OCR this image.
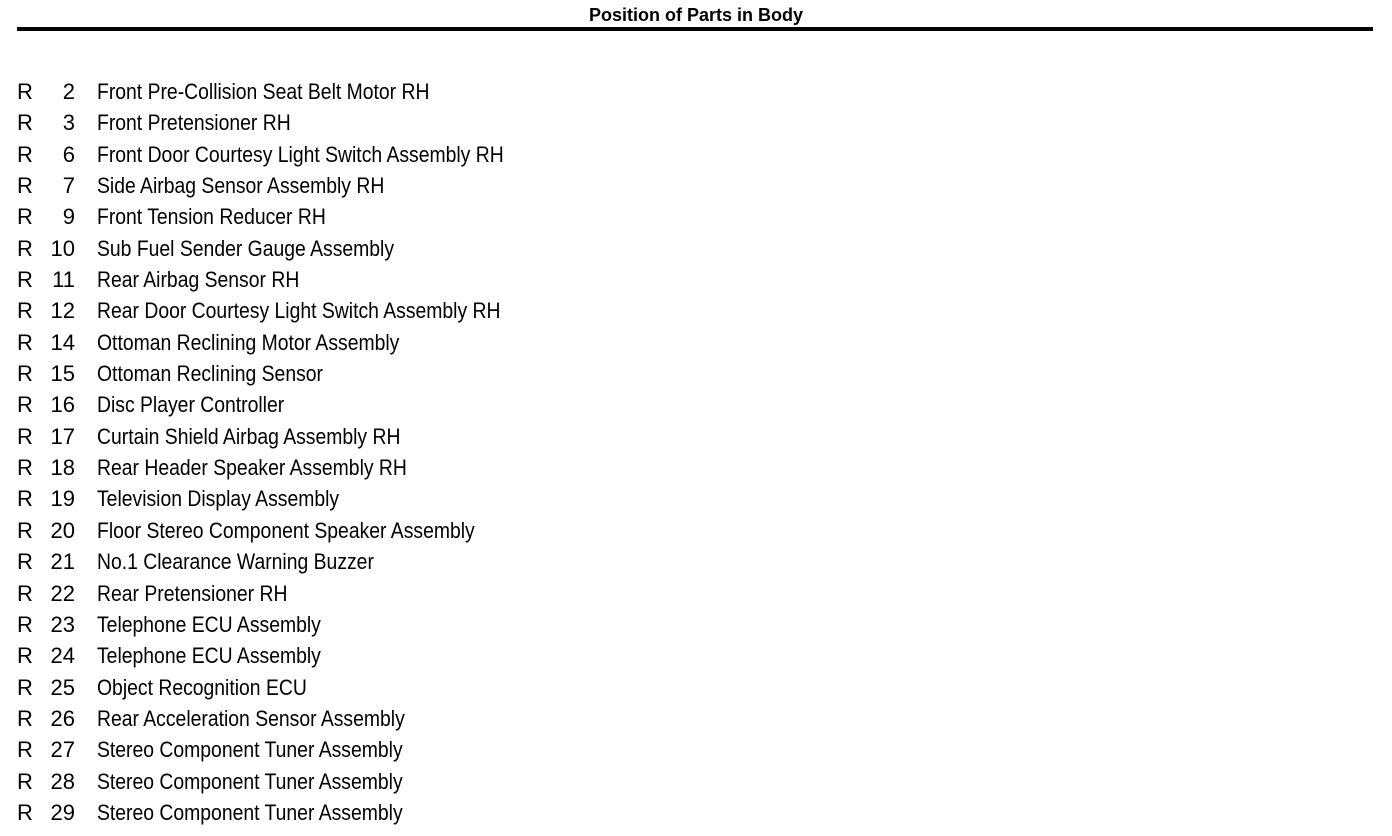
Position of Parts in Body
R	2 Front Pre-Collision Seat Belt Motor RH
R	3 Front Pretensioner RH
R	6 Front Door Courtesy Light Switch Assembly RH
R	7 Side Airbag Sensor Assembly RH
R	9 Front Tension Reducer RH
R 10 Sub Fuel Sender Gauge Assembly
R 11 Rear Airbag Sensor RH
R 12 Rear Door Courtesy Light Switch Assembly RH
R 14 Ottoman Reclining Motor Assembly
R 15 Ottoman Reclining Sensor
R 16 Disc Player Controller
R 17 Curtain Shield Airbag Assembly RH
R 18 Rear Header Speaker Assembly RH
R 19 Television Display Assembly
R 20 Floor Stereo Component Speaker Assembly
R 21 No.1 Clearance Warning Buzzer
R 22 Rear Pretensioner RH
R 23 Telephone ECU Assembly
R 24 Telephone ECU Assembly
R 25 Object Recognition ECU
R 26 Rear Acceleration Sensor Assembly
R 27 Stereo Component Tuner Assembly
R 28 Stereo Component Tuner Assembly
R 29 Stereo Component Tuner Assembly
